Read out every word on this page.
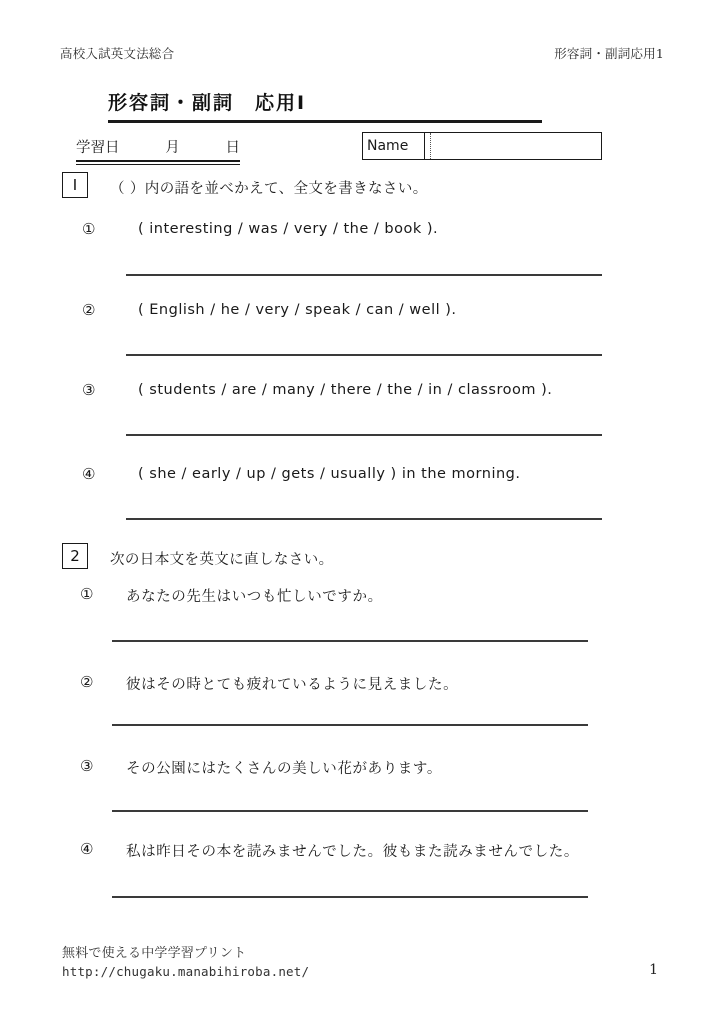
高校入試英文法総合	形容詞・副詞応用1
形容詞・副詞　応用Ⅰ
学習日	月	日	Name
Ⅰ （ ）内の語を並べかえて、全文を書きなさい。
①	( interesting / was / very / the / book ).
②	( English / he / very / speak / can / well ).
③	( students / are / many / there / the / in / classroom ).
④	( she / early / up / gets / usually ) in the morning.
2 次の日本文を英文に直しなさい。
① あなたの先生はいつも忙しいですか。
② 彼はその時とても疲れているように見えました。
③ その公園にはたくさんの美しい花があります。
④ 私は昨日その本を読みませんでした。彼もまた読みませんでした。
無料で使える中学学習プリント
http://chugaku.manabihiroba.net/	1
